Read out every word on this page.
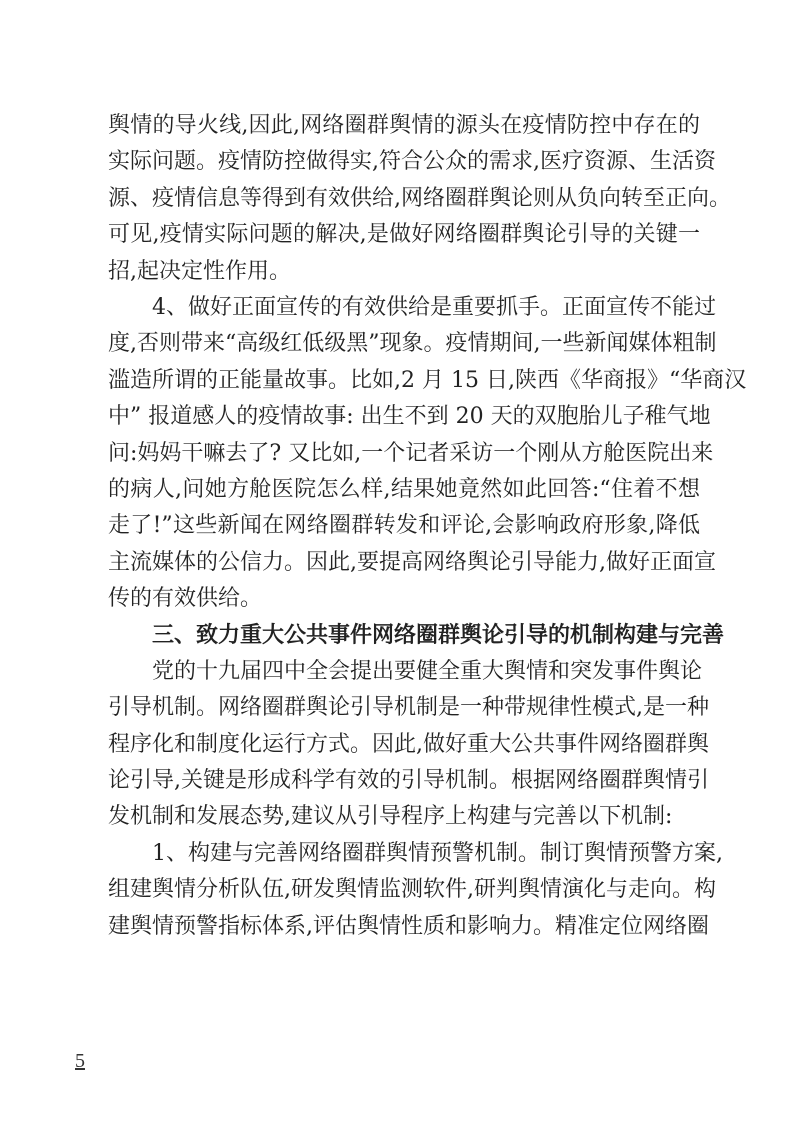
舆情的导火线,因此,网络圈群舆情的源头在疫情防控中存在的
实际问题。疫情防控做得实,符合公众的需求,医疗资源、生活资
源、疫情信息等得到有效供给,网络圈群舆论则从负向转至正向。
可见,疫情实际问题的解决,是做好网络圈群舆论引导的关键一
招,起决定性作用。
4、做好正面宣传的有效供给是重要抓手。正面宣传不能过
度,否则带来“高级红低级黑”现象。疫情期间,一些新闻媒体粗制
滥造所谓的正能量故事。比如,2 月 15 日,陕西《华商报》“华商汉
中” 报道感人的疫情故事: 出生不到 20 天的双胞胎儿子稚气地
问:妈妈干嘛去了? 又比如,一个记者采访一个刚从方舱医院出来
的病人,问她方舱医院怎么样,结果她竟然如此回答:“住着不想
走了!”这些新闻在网络圈群转发和评论,会影响政府形象,降低
主流媒体的公信力。因此,要提高网络舆论引导能力,做好正面宣
传的有效供给。
三、致力重大公共事件网络圈群舆论引导的机制构建与完善
党的十九届四中全会提出要健全重大舆情和突发事件舆论
引导机制。网络圈群舆论引导机制是一种带规律性模式,是一种
程序化和制度化运行方式。因此,做好重大公共事件网络圈群舆
论引导,关键是形成科学有效的引导机制。根据网络圈群舆情引
发机制和发展态势,建议从引导程序上构建与完善以下机制:
1、构建与完善网络圈群舆情预警机制。制订舆情预警方案,
组建舆情分析队伍,研发舆情监测软件,研判舆情演化与走向。构
建舆情预警指标体系,评估舆情性质和影响力。精准定位网络圈
5
